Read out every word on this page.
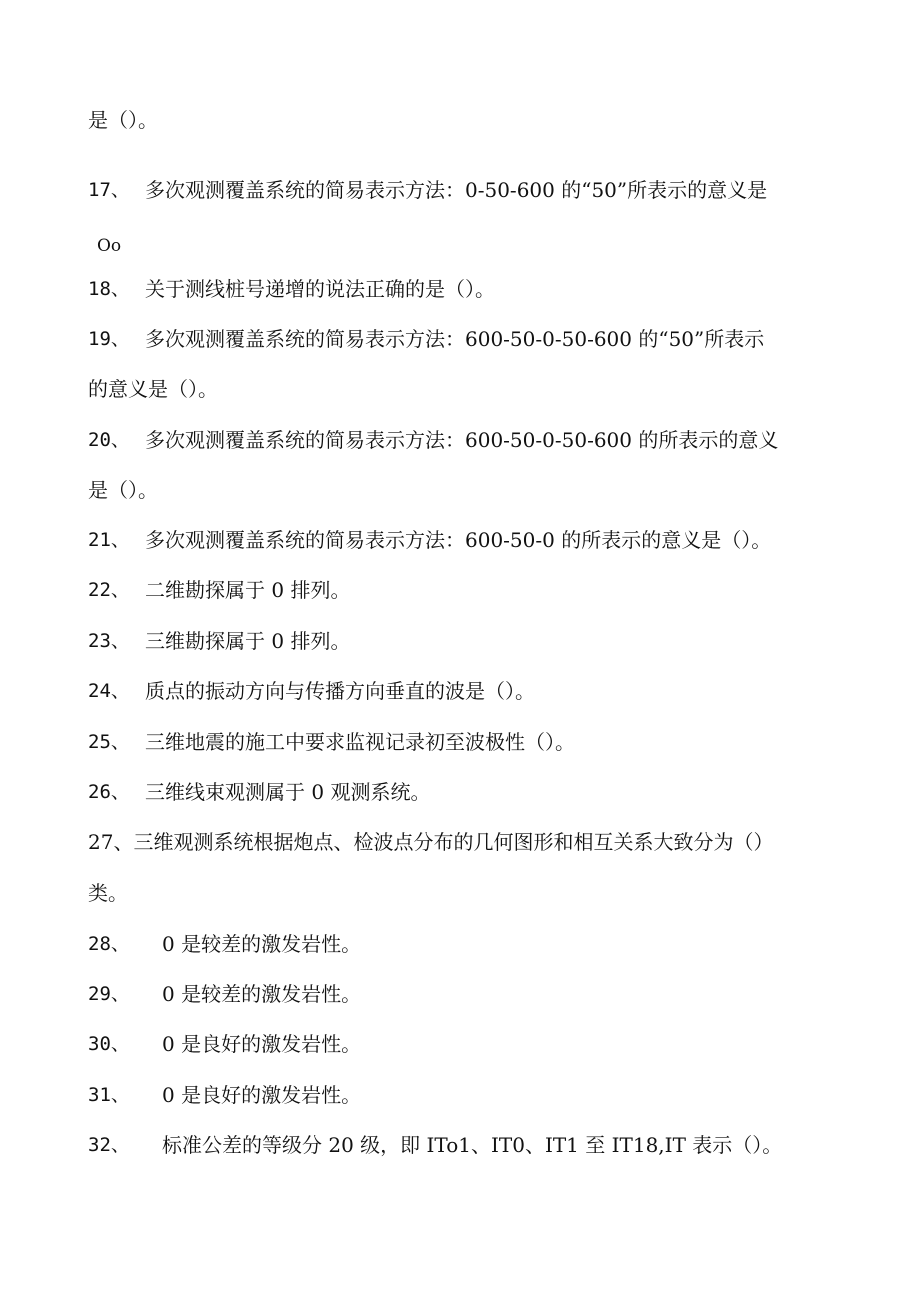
是（）。
17、 多次观测覆盖系统的简易表示方法：0-50-600 的“50”所表示的意义是
Oo
18、 关于测线桩号递增的说法正确的是（）。
19、 多次观测覆盖系统的简易表示方法：600-50-0-50-600 的“50”所表示
的意义是（）。
20、 多次观测覆盖系统的简易表示方法：600-50-0-50-600 的所表示的意义
是（）。
21、 多次观测覆盖系统的简易表示方法：600-50-0 的所表示的意义是（）。
22、 二维勘探属于 0 排列。
23、 三维勘探属于 0 排列。
24、 质点的振动方向与传播方向垂直的波是（）。
25、 三维地震的施工中要求监视记录初至波极性（）。
26、 三维线束观测属于 0 观测系统。
27、三维观测系统根据炮点、检波点分布的几何图形和相互关系大致分为（）
类。
28、 0 是较差的激发岩性。
29、 0 是较差的激发岩性。
30、 0 是良好的激发岩性。
31、 0 是良好的激发岩性。
32、 标准公差的等级分 20 级，即 ITo1、IT0、IT1 至 IT18,IT 表示（）。
